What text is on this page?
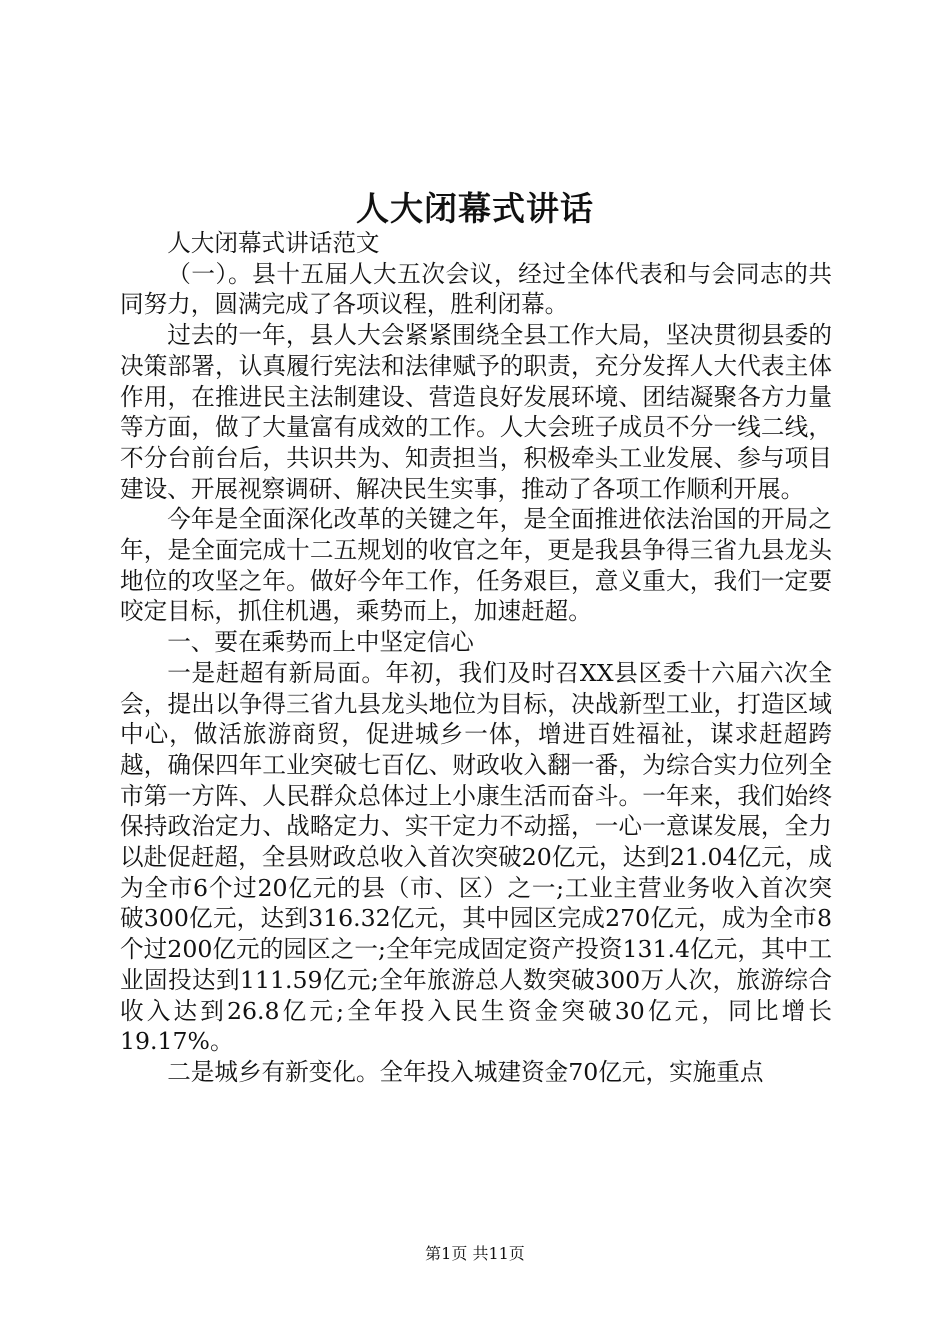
人大闭幕式讲话

人大闭幕式讲话范文

（一）。县十五届人大五次会议，经过全体代表和与会同志的共同努力，圆满完成了各项议程，胜利闭幕。

过去的一年，县人大会紧紧围绕全县工作大局，坚决贯彻县委的决策部署，认真履行宪法和法律赋予的职责，充分发挥人大代表主体作用，在推进民主法制建设、营造良好发展环境、团结凝聚各方力量等方面，做了大量富有成效的工作。人大会班子成员不分一线二线，不分台前台后，共识共为、知责担当，积极牵头工业发展、参与项目建设、开展视察调研、解决民生实事，推动了各项工作顺利开展。

今年是全面深化改革的关键之年，是全面推进依法治国的开局之年，是全面完成十二五规划的收官之年，更是我县争得三省九县龙头地位的攻坚之年。做好今年工作，任务艰巨，意义重大，我们一定要咬定目标，抓住机遇，乘势而上，加速赶超。

一、要在乘势而上中坚定信心

一是赶超有新局面。年初，我们及时召XX县区委十六届六次全会，提出以争得三省九县龙头地位为目标，决战新型工业，打造区域中心，做活旅游商贸，促进城乡一体，增进百姓福祉，谋求赶超跨越，确保四年工业突破七百亿、财政收入翻一番，为综合实力位列全市第一方阵、人民群众总体过上小康生活而奋斗。一年来，我们始终保持政治定力、战略定力、实干定力不动摇，一心一意谋发展，全力以赴促赶超，全县财政总收入首次突破20亿元，达到21.04亿元，成为全市6个过20亿元的县（市、区）之一;工业主营业务收入首次突破300亿元，达到316.32亿元，其中园区完成270亿元，成为全市8个过200亿元的园区之一;全年完成固定资产投资131.4亿元，其中工业固投达到111.59亿元;全年旅游总人数突破300万人次，旅游综合收入达到26.8亿元;全年投入民生资金突破30亿元，同比增长19.17%。

二是城乡有新变化。全年投入城建资金70亿元，实施重点

第1页 共11页
